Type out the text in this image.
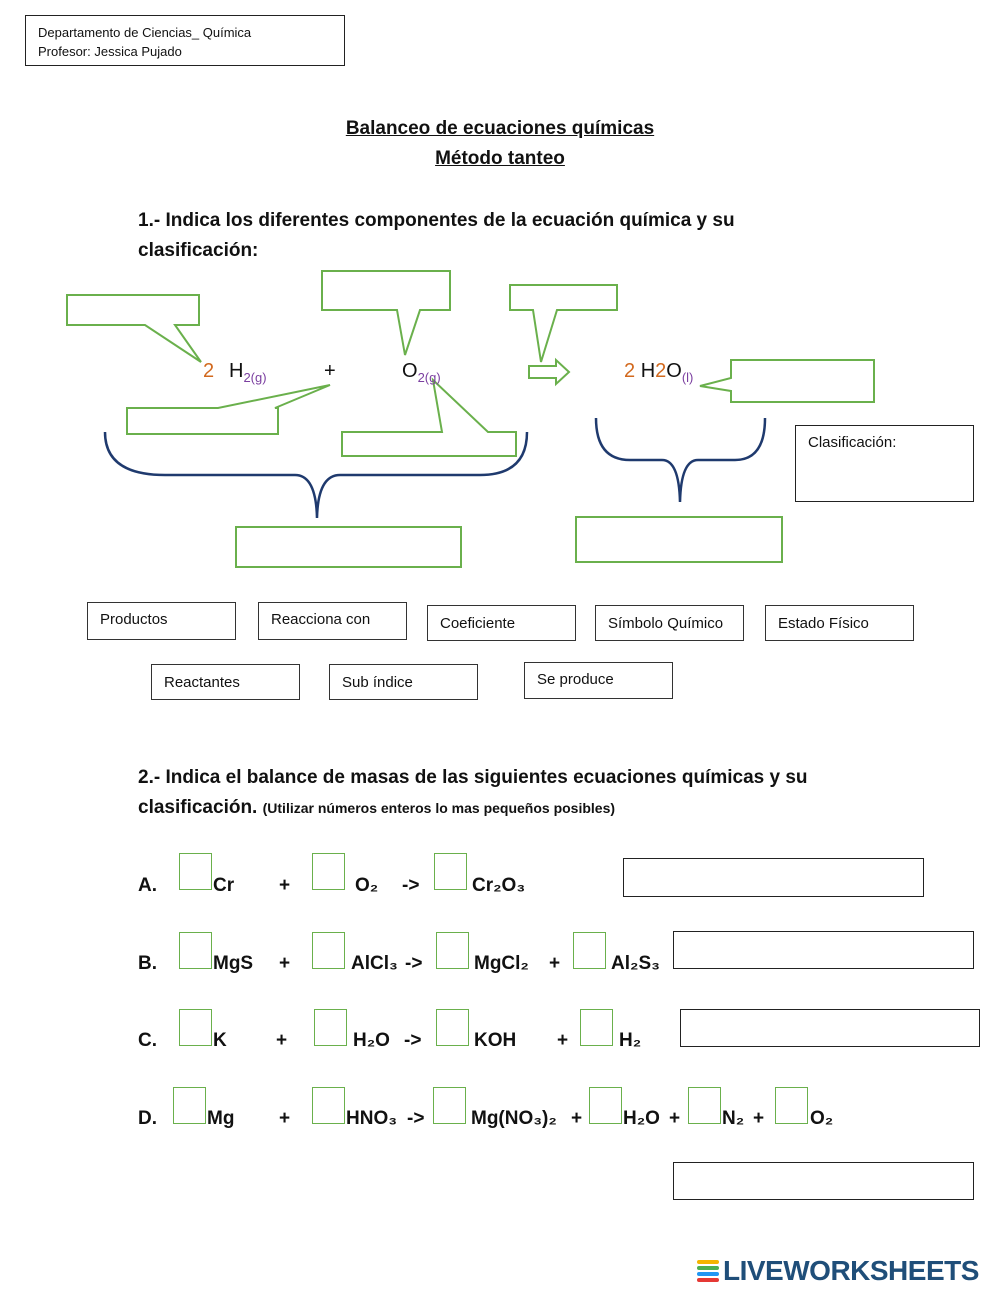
Departamento de Ciencias_ Química
Profesor: Jessica Pujado
Balanceo de ecuaciones químicas
Método tanteo
1.- Indica los diferentes componentes de la ecuación química y su clasificación:
2 $H_{2(g)}$	+	$O_{2(g)}$	2 $H2O_{(l)}$
Clasificación:
Productos	Reacciona con	Coeficiente	Símbolo Químico	Estado Físico
Reactantes	Sub índice	Se produce
2.- Indica el balance de masas de las siguientes ecuaciones químicas y su clasificación. (Utilizar números enteros lo mas pequeños posibles)
A.	Cr +	O₂ ->	Cr₂O₃
B.	MgS +	AlCl₃ ->	MgCl₂ +	Al₂S₃
C.	K	+	H₂O ->	KOH +	H₂
D.	Mg +	HNO₃ -> Mg(NO₃)₂ + H₂O + N₂ + O₂
LIVEWORKSHEETS
